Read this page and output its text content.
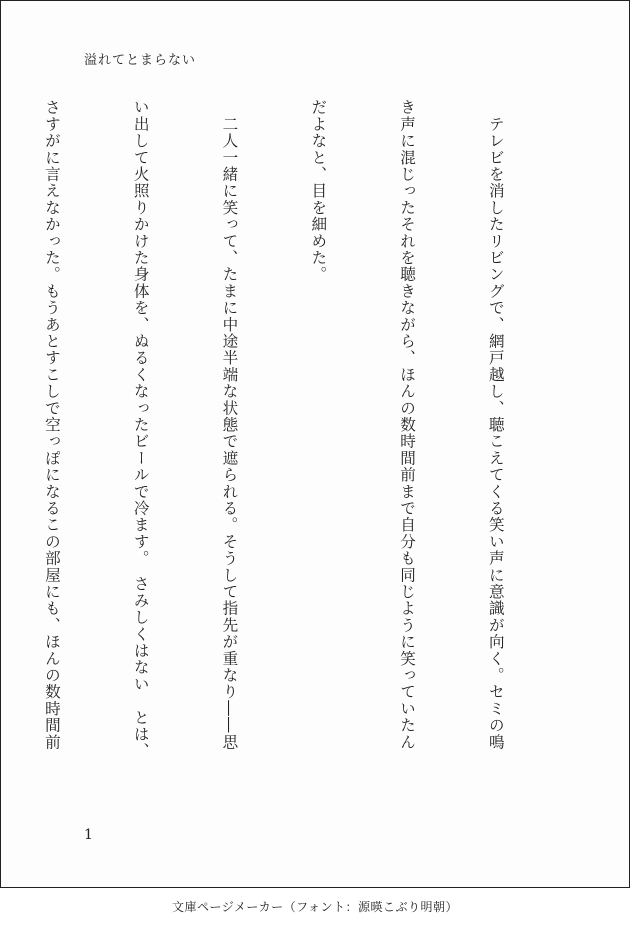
溢れてとまらない

　テレビを消したリビングで、網戸越し、聴こえてくる笑い声に意識が向く。セミの鳴

き声に混じったそれを聴きながら、ほんの数時間前まで自分も同じように笑っていたん

だよなと、目を細めた。

　二人一緒に笑って、たまに中途半端な状態で遮られる。そうして指先が重なり――思

い出して火照りかけた身体を、ぬるくなったビールで冷ます。　さみしくはない　とは、

さすがに言えなかった。もうあとすこしで空っぽになるこの部屋にも、ほんの数時間前

1
文庫ページメーカー（フォント：源暎こぶり明朝）
